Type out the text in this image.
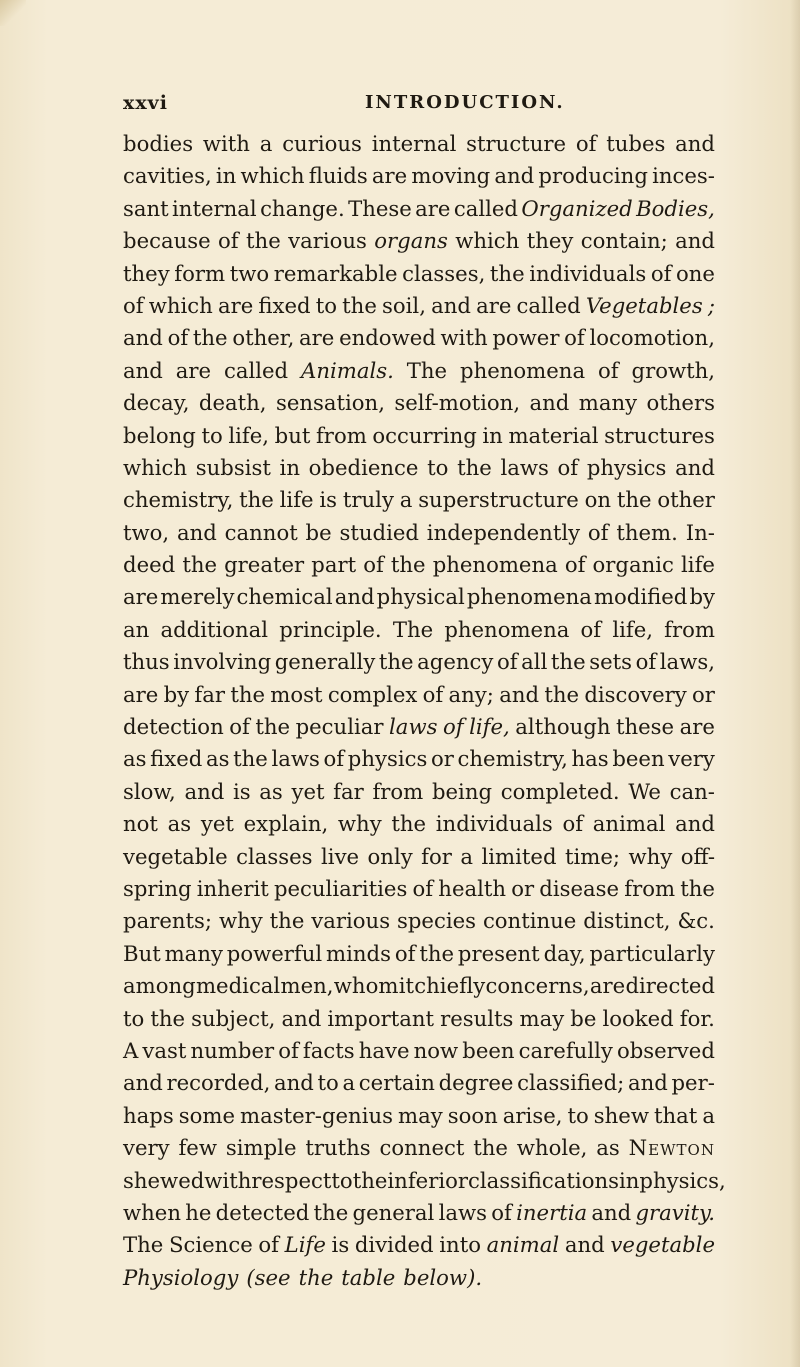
xxvi	INTRODUCTION.
bodies with a curious internal structure of tubes and
cavities, in which fluids are moving and producing inces-
sant internal change. These are called Organized Bodies,
because of the various organs which they contain; and
they form two remarkable classes, the individuals of one
of which are fixed to the soil, and are called Vegetables ;
and of the other, are endowed with power of locomotion,
and are called Animals. The phenomena of growth,
decay, death, sensation, self-motion, and many others
belong to life, but from occurring in material structures
which subsist in obedience to the laws of physics and
chemistry, the life is truly a superstructure on the other
two, and cannot be studied independently of them. In-
deed the greater part of the phenomena of organic life
are merely chemical and physical phenomena modified by
an additional principle. The phenomena of life, from
thus involving generally the agency of all the sets of laws,
are by far the most complex of any; and the discovery or
detection of the peculiar laws of life, although these are
as fixed as the laws of physics or chemistry, has been very
slow, and is as yet far from being completed. We can-
not as yet explain, why the individuals of animal and
vegetable classes live only for a limited time; why off-
spring inherit peculiarities of health or disease from the
parents; why the various species continue distinct, &c.
But many powerful minds of the present day, particularly
among medical men, whom it chiefly concerns, are directed
to the subject, and important results may be looked for.
A vast number of facts have now been carefully observed
and recorded, and to a certain degree classified; and per-
haps some master-genius may soon arise, to shew that a
very few simple truths connect the whole, as Newton
shewed with respect to the inferior classifications in physics,
when he detected the general laws of inertia and gravity.
The Science of Life is divided into animal and vegetable
Physiology (see the table below).
